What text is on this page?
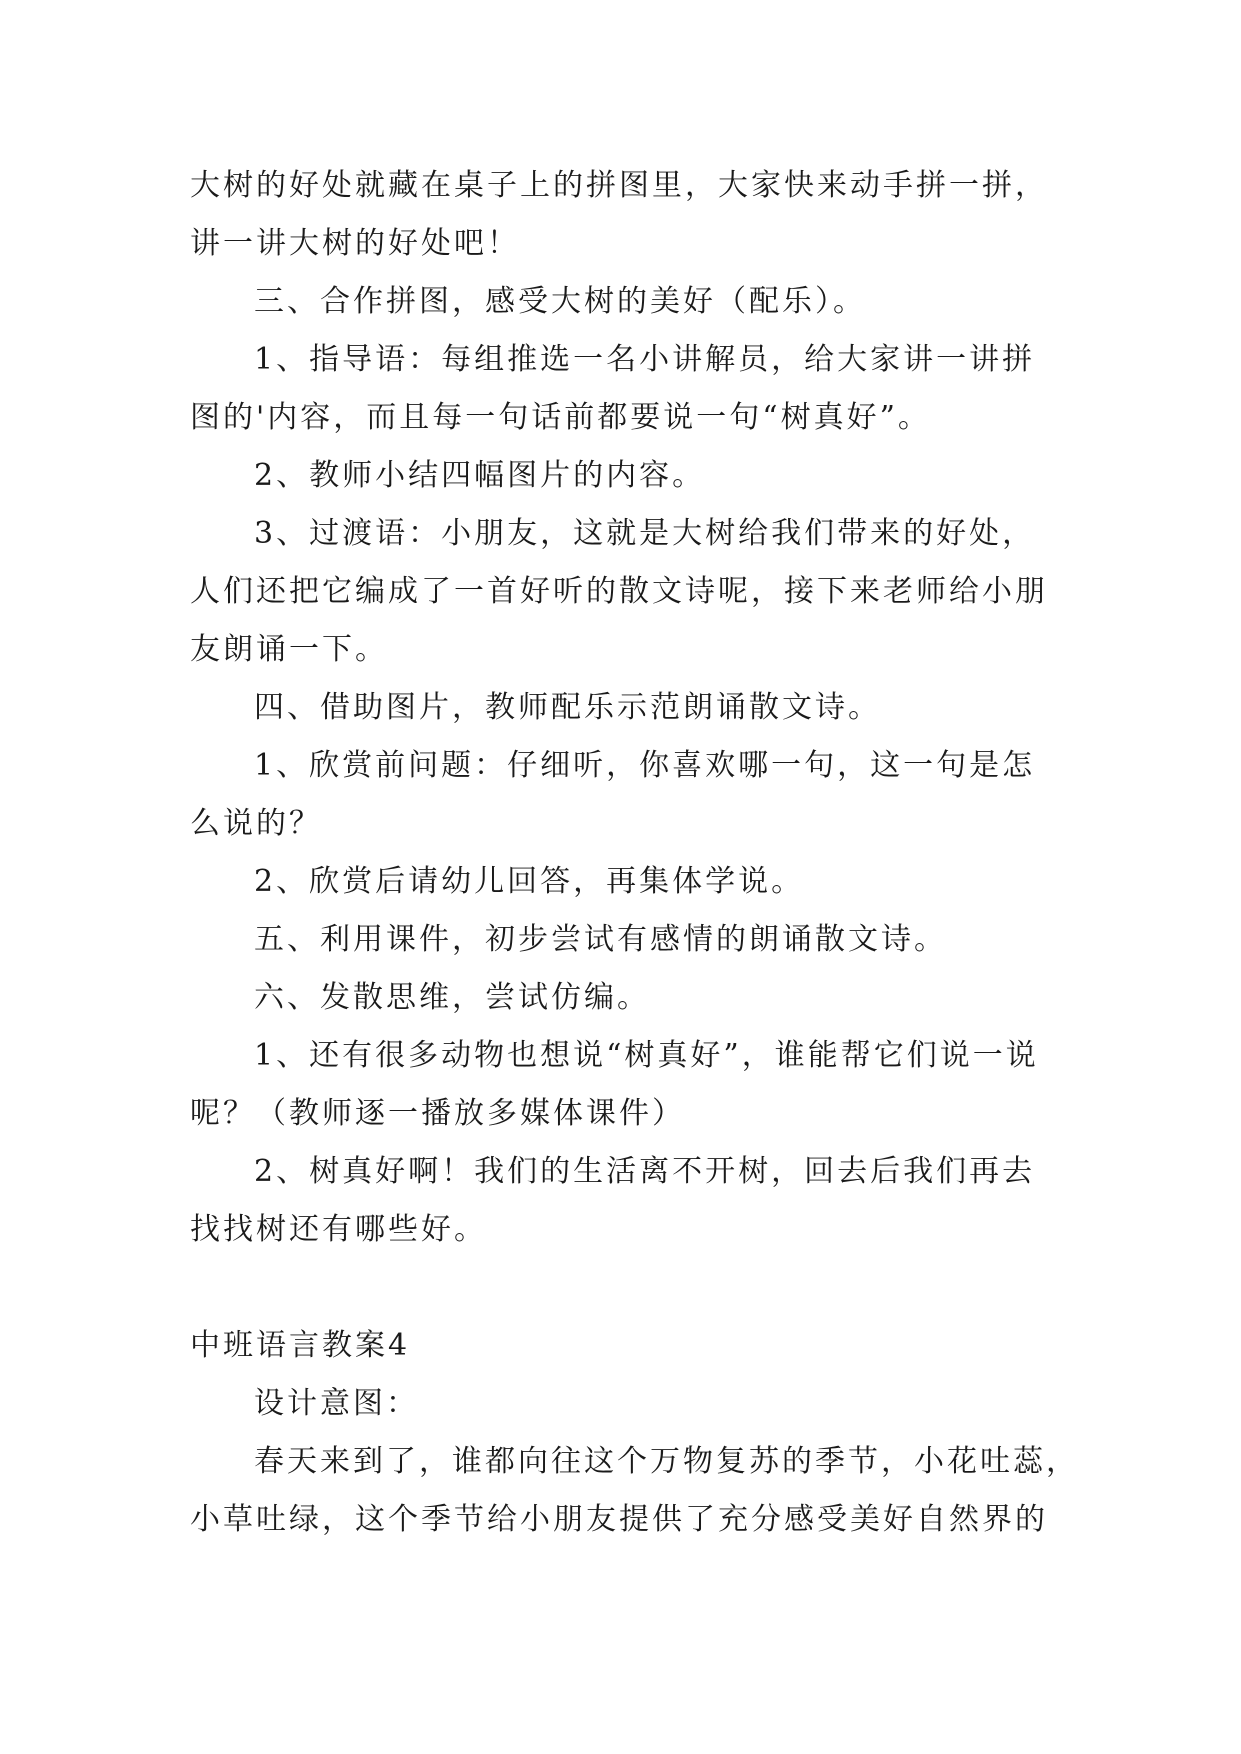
大树的好处就藏在桌子上的拼图里，大家快来动手拼一拼，
讲一讲大树的好处吧！
三、合作拼图，感受大树的美好（配乐）。
1、指导语：每组推选一名小讲解员，给大家讲一讲拼
图的'内容，而且每一句话前都要说一句“树真好”。
2、教师小结四幅图片的内容。
3、过渡语：小朋友，这就是大树给我们带来的好处，
人们还把它编成了一首好听的散文诗呢，接下来老师给小朋
友朗诵一下。
四、借助图片，教师配乐示范朗诵散文诗。
1、欣赏前问题：仔细听，你喜欢哪一句，这一句是怎
么说的？
2、欣赏后请幼儿回答，再集体学说。
五、利用课件，初步尝试有感情的朗诵散文诗。
六、发散思维，尝试仿编。
1、还有很多动物也想说“树真好”，谁能帮它们说一说
呢？（教师逐一播放多媒体课件）
2、树真好啊！我们的生活离不开树，回去后我们再去
找找树还有哪些好。
中班语言教案4
设计意图：
春天来到了，谁都向往这个万物复苏的季节，小花吐蕊，
小草吐绿，这个季节给小朋友提供了充分感受美好自然界的
